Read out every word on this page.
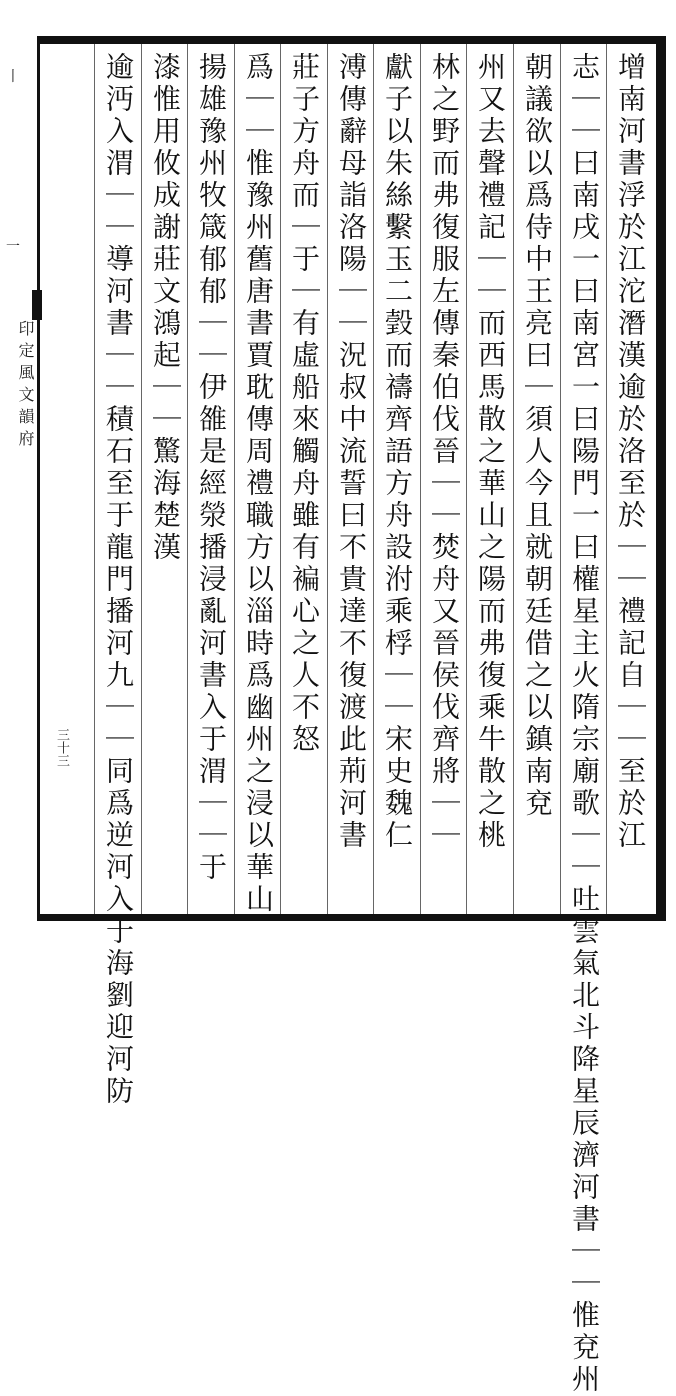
丨
一
印定風文韻府
三十三	增南河書浮於江沱潛漢逾於洛至於｜｜禮記自｜｜至於江
志｜｜曰南戌一曰南宮一曰陽門一曰權星主火隋宗廟歌｜｜吐雲氣北斗降星辰濟河書｜｜惟兗州
朝議欲以爲侍中王亮曰｜須人今且就朝廷借之以鎮南兗
州又去聲禮記｜｜而西馬散之華山之陽而弗復乘牛散之桃
林之野而弗復服左傳秦伯伐晉｜｜焚舟又晉侯伐齊將｜｜
獻子以朱絲繫玉二瑴而禱齊語方舟設泭乘桴｜｜宋史魏仁
溥傳辭母詣洛陽｜｜況叔中流誓曰不貴達不復渡此荊河書
莊子方舟而｜于｜有虛船來觸舟雖有褊心之人不怒
爲｜｜惟豫州舊唐書賈耽傳周禮職方以淄時爲幽州之浸以華山
揚雄豫州牧箴郁郁｜｜伊雒是經滎播浸亂河書入于渭｜｜于
漆惟用攸成謝莊文鴻起｜｜驚海楚漢
逾沔入渭｜｜導河書｜｜積石至于龍門播河九｜｜同爲逆河入于海劉迎河防
